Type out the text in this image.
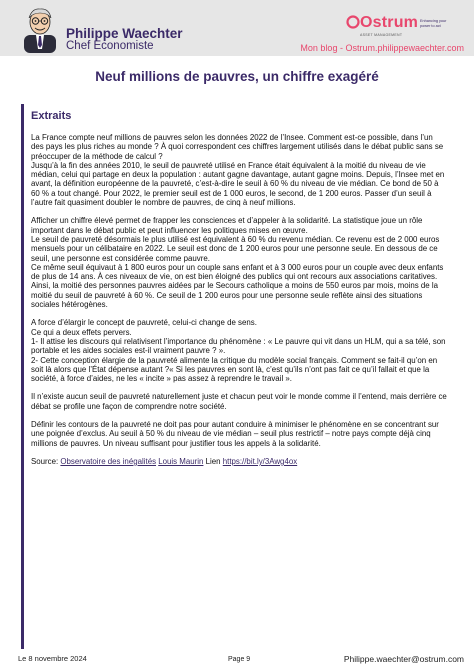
Philippe Waechter
Chef Economiste
Ostrum
ASSET MANAGEMENT
Enhancing your power to act
Mon blog - Ostrum.philippewaechter.com
Neuf millions de pauvres, un chiffre exagéré
Extraits

La France compte neuf millions de pauvres selon les données 2022 de l’Insee. Comment est-ce possible, dans l’un des pays les plus riches au monde ? À quoi correspondent ces chiffres largement utilisés dans le débat public sans se préoccuper de la méthode de calcul ?
Jusqu’à la fin des années 2010, le seuil de pauvreté utilisé en France était équivalent à la moitié du niveau de vie médian, celui qui partage en deux la population : autant gagne davantage, autant gagne moins. Depuis, l’Insee met en avant, la définition européenne de la pauvreté, c’est-à-dire le seuil à 60 % du niveau de vie médian. Ce bond de 50 à 60 % a tout changé. Pour 2022, le premier seuil est de 1 000 euros, le second, de 1 200 euros. Passer d’un seuil à l’autre fait quasiment doubler le nombre de pauvres, de cinq à neuf millions.

Afficher un chiffre élevé permet de frapper les consciences et d’appeler à la solidarité. La statistique joue un rôle important dans le débat public et peut influencer les politiques mises en œuvre.
Le seuil de pauvreté désormais le plus utilisé est équivalent à 60 % du revenu médian. Ce revenu est de 2 000 euros mensuels pour un célibataire en 2022. Le seuil est donc de 1 200 euros pour une personne seule. En dessous de ce seuil, une personne est considérée comme pauvre.
Ce même seuil équivaut à 1 800 euros pour un couple sans enfant et à 3 000 euros pour un couple avec deux enfants de plus de 14 ans. À ces niveaux de vie, on est bien éloigné des publics qui ont recours aux associations caritatives. Ainsi, la moitié des personnes pauvres aidées par le Secours catholique a moins de 550 euros par mois, moins de la moitié du seuil de pauvreté à 60 %. Ce seuil de 1 200 euros pour une personne seule reflète ainsi des situations sociales hétérogènes.

A force d’élargir le concept de pauvreté, celui-ci change de sens.
Ce qui a deux effets pervers.
1- Il attise les discours qui relativisent l’importance du phénomène : « Le pauvre qui vit dans un HLM, qui a sa télé, son portable et les aides sociales est-il vraiment pauvre ? ».
2- Cette conception élargie de la pauvreté alimente la critique du modèle social français. Comment se fait-il qu’on en soit là alors que l’État dépense autant ?« Si les pauvres en sont là, c’est qu’ils n’ont pas fait ce qu’il fallait et que la société, à force d’aides, ne les « incite » pas assez à reprendre le travail ».

Il n’existe aucun seuil de pauvreté naturellement juste et chacun peut voir le monde comme il l’entend, mais derrière ce débat se profile une façon de comprendre notre société.

Définir les contours de la pauvreté ne doit pas pour autant conduire à minimiser le phénomène en se concentrant sur une poignée d’exclus. Au seuil à 50 % du niveau de vie médian – seuil plus restrictif – notre pays compte déjà cinq millions de pauvres. Un niveau suffisant pour justifier tous les appels à la solidarité.

Source: Observatoire des inégalités Louis Maurin Lien https://bit.ly/3Awg4ox

Le 8 novembre 2024	Page 9	Philippe.waechter@ostrum.com
